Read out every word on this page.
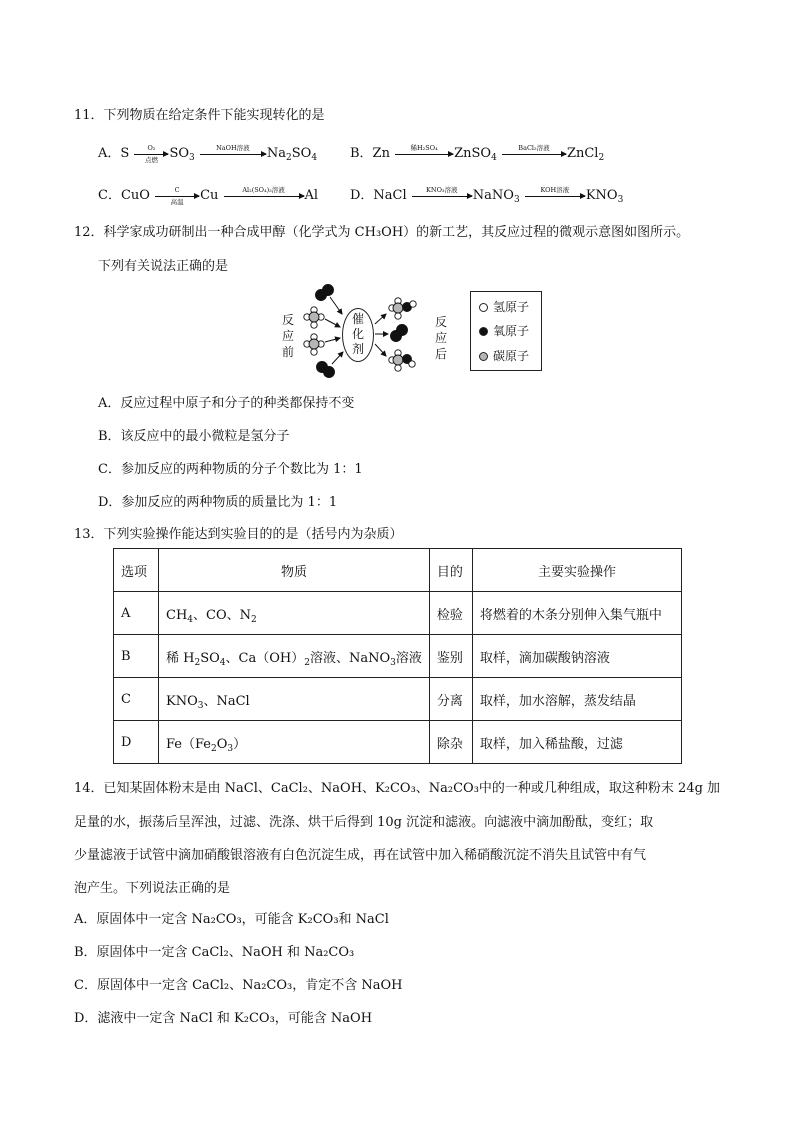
11．下列物质在给定条件下能实现转化的是
A．S	O₂
点燃 $SO_3$
NaOH溶液	$Na_2SO_4$	B．Zn	稀H₂SO₄	ZnSO$_4$
BaCl₂溶液	ZnCl$_2$
C．CuO	C
高温	Cu	Al₂(SO₄)₃溶液	Al D．NaCl	KNO₃溶液	NaNO$_3$
KOH溶液	$KNO_3$
12．科学家成功研制出一种合成甲醇（化学式为 CH₃OH）的新工艺，其反应过程的微观示意图如图所示。
下列有关说法正确的是
反应前
催化剂
反应后
氢原子
氧原子
碳原子
A．反应过程中原子和分子的种类都保持不变
B．该反应中的最小微粒是氢分子
C．参加反应的两种物质的分子个数比为 1：1
D．参加反应的两种物质的质量比为 1：1
13．下列实验操作能达到实验目的的是（括号内为杂质）
选项	物质	目的	主要实验操作
A	$CH_4$、CO、$N_2$	检验	将燃着的木条分别伸入集气瓶中
B	稀 $H_2SO_4$、$Ca(OH)_2$溶液、NaNO$_3$溶液	鉴别	取样，滴加碳酸钠溶液
C	$KNO_3$、NaCl	分离	取样，加水溶解，蒸发结晶
D	$Fe(Fe_2O_3)$	除杂	取样，加入稀盐酸，过滤
14．已知某固体粉末是由 NaCl、CaCl₂、NaOH、K₂CO₃、Na₂CO₃中的一种或几种组成，取这种粉末 24g 加
足量的水，振荡后呈浑浊，过滤、洗涤、烘干后得到 10g 沉淀和滤液。向滤液中滴加酚酞，变红；取
少量滤液于试管中滴加硝酸银溶液有白色沉淀生成，再在试管中加入稀硝酸沉淀不消失且试管中有气
泡产生。下列说法正确的是
A．原固体中一定含 Na₂CO₃，可能含 K₂CO₃和 NaCl
B．原固体中一定含 CaCl₂、NaOH 和 Na₂CO₃
C．原固体中一定含 CaCl₂、Na₂CO₃，肯定不含 NaOH
D．滤液中一定含 NaCl 和 K₂CO₃，可能含 NaOH
